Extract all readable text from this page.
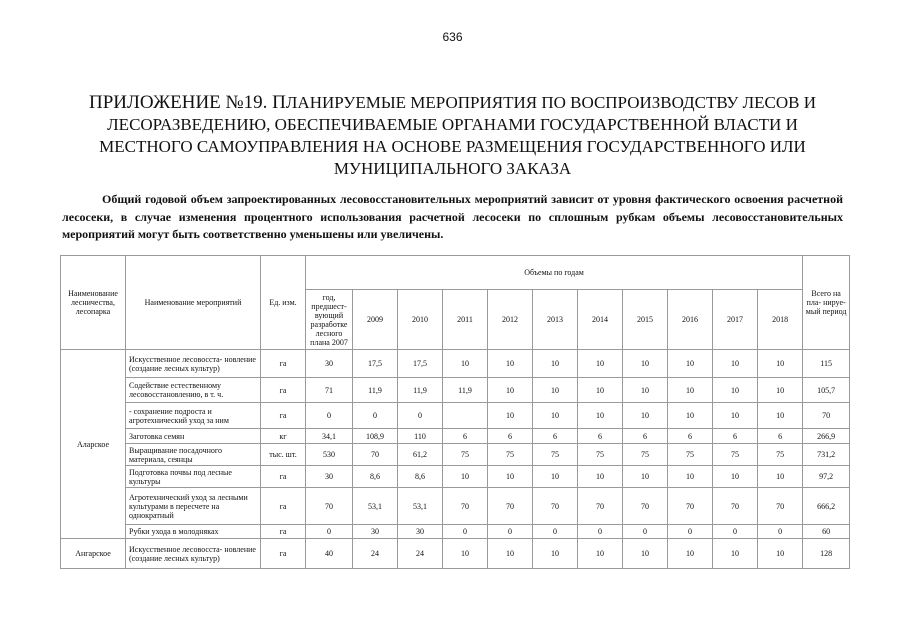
636
ПРИЛОЖЕНИЕ №19. ПЛАНИРУЕМЫЕ МЕРОПРИЯТИЯ ПО ВОСПРОИЗВОДСТВУ ЛЕСОВ И ЛЕСОРАЗВЕДЕНИЮ, ОБЕСПЕЧИВАЕМЫЕ ОРГАНАМИ ГОСУДАРСТВЕННОЙ ВЛАСТИ И МЕСТНОГО САМОУПРАВЛЕНИЯ НА ОСНОВЕ РАЗМЕЩЕНИЯ ГОСУДАРСТВЕННОГО ИЛИ МУНИЦИПАЛЬНОГО ЗАКАЗА

Общий годовой объем запроектированных лесовосстановительных мероприятий зависит от уровня фактического освоения расчетной лесосеки, в случае изменения процентного использования расчетной лесосеки по сплошным рубкам объемы лесовосстановительных мероприятий могут быть соответственно уменьшены или увеличены.

Наименование лесничества, лесопарка	Наименование мероприятий	Ед. изм.	Объемы по годам											Всего на пла- нируе- мый период
			год, предшест- вующий разработке лесного плана 2007	2009	2010	2011	2012	2013	2014	2015	2016	2017	2018	
Аларское	Искусственное лесовосста- новление (создание лесных культур)	га	30	17,5	17,5	10	10	10	10	10	10	10	10	115
	Содействие естественному лесовосстановлению, в т. ч.	га	71	11,9	11,9	11,9	10	10	10	10	10	10	10	105,7
	- сохранение подроста и агротехнический уход за ним	га	0	0	0		10	10	10	10	10	10	10	70
	Заготовка семян	кг	34,1	108,9	110	6	6	6	6	6	6	6	6	266,9
	Выращивание посадочного материала, сеянцы	тыс. шт.	530	70	61,2	75	75	75	75	75	75	75	75	731,2
	Подготовка почвы под лесные культуры	га	30	8,6	8,6	10	10	10	10	10	10	10	10	97,2
	Агротехнический уход за лесными культурами в пересчете на однократный	га	70	53,1	53,1	70	70	70	70	70	70	70	70	666,2
	Рубки ухода в молодняках	га	0	30	30	0	0	0	0	0	0	0	0	60
Ангарское	Искусственное лесовосста- новление (создание лесных культур)	га	40	24	24	10	10	10	10	10	10	10	10	128
